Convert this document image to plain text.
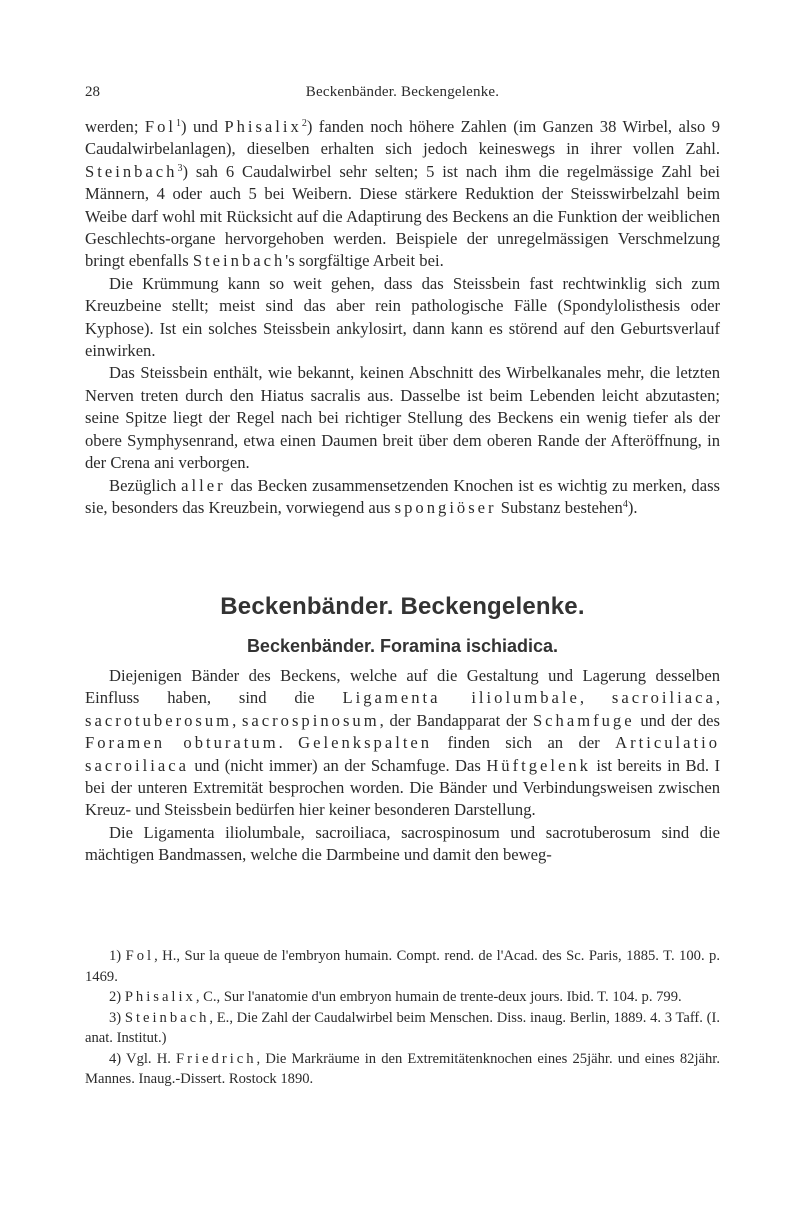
28	Beckenbänder. Beckengelenke.

werden; Fol$^1$) und Phisalix$^2$) fanden noch höhere Zahlen (im Ganzen 38 Wirbel, also 9 Caudalwirbelanlagen), dieselben erhalten sich jedoch keineswegs in ihrer vollen Zahl. Steinbach$^3$) sah 6 Caudalwirbel sehr selten; 5 ist nach ihm die regelmässige Zahl bei Männern, 4 oder auch 5 bei Weibern. Diese stärkere Reduktion der Steisswirbelzahl beim Weibe darf wohl mit Rücksicht auf die Adaptirung des Beckens an die Funktion der weiblichen Geschlechts-organe hervorgehoben werden. Beispiele der unregelmässigen Verschmelzung bringt ebenfalls Steinbach's sorgfältige Arbeit bei.

Die Krümmung kann so weit gehen, dass das Steissbein fast rechtwinklig sich zum Kreuzbeine stellt; meist sind das aber rein pathologische Fälle (Spondylolisthesis oder Kyphose). Ist ein solches Steissbein ankylosirt, dann kann es störend auf den Geburtsverlauf einwirken.

Das Steissbein enthält, wie bekannt, keinen Abschnitt des Wirbelkanales mehr, die letzten Nerven treten durch den Hiatus sacralis aus. Dasselbe ist beim Lebenden leicht abzutasten; seine Spitze liegt der Regel nach bei richtiger Stellung des Beckens ein wenig tiefer als der obere Symphysenrand, etwa einen Daumen breit über dem oberen Rande der Afteröffnung, in der Crena ani verborgen.

Bezüglich aller das Becken zusammensetzenden Knochen ist es wichtig zu merken, dass sie, besonders das Kreuzbein, vorwiegend aus spongiöser Substanz bestehen$^4$).

Beckenbänder. Beckengelenke.
Beckenbänder. Foramina ischiadica.

Diejenigen Bänder des Beckens, welche auf die Gestaltung und Lagerung desselben Einfluss haben, sind die Ligamenta iliolumbale, sacroiliaca, sacrotuberosum, sacrospinosum, der Bandapparat der Schamfuge und der des Foramen obturatum. Gelenkspalten finden sich an der Articulatio sacroiliaca und (nicht immer) an der Schamfuge. Das Hüftgelenk ist bereits in Bd. I bei der unteren Extremität besprochen worden. Die Bänder und Verbindungsweisen zwischen Kreuz- und Steissbein bedürfen hier keiner besonderen Darstellung.

Die Ligamenta iliolumbale, sacroiliaca, sacrospinosum und sacrotuberosum sind die mächtigen Bandmassen, welche die Darmbeine und damit den beweg-

1) Fol, H., Sur la queue de l'embryon humain. Compt. rend. de l'Acad. des Sc. Paris, 1885. T. 100. p. 1469.

2) Phisalix, C., Sur l'anatomie d'un embryon humain de trente-deux jours. Ibid. T. 104. p. 799.

3) Steinbach, E., Die Zahl der Caudalwirbel beim Menschen. Diss. inaug. Berlin, 1889. 4. 3 Taff. (I. anat. Institut.)

4) Vgl. H. Friedrich, Die Markräume in den Extremitätenknochen eines 25jähr. und eines 82jähr. Mannes. Inaug.-Dissert. Rostock 1890.
